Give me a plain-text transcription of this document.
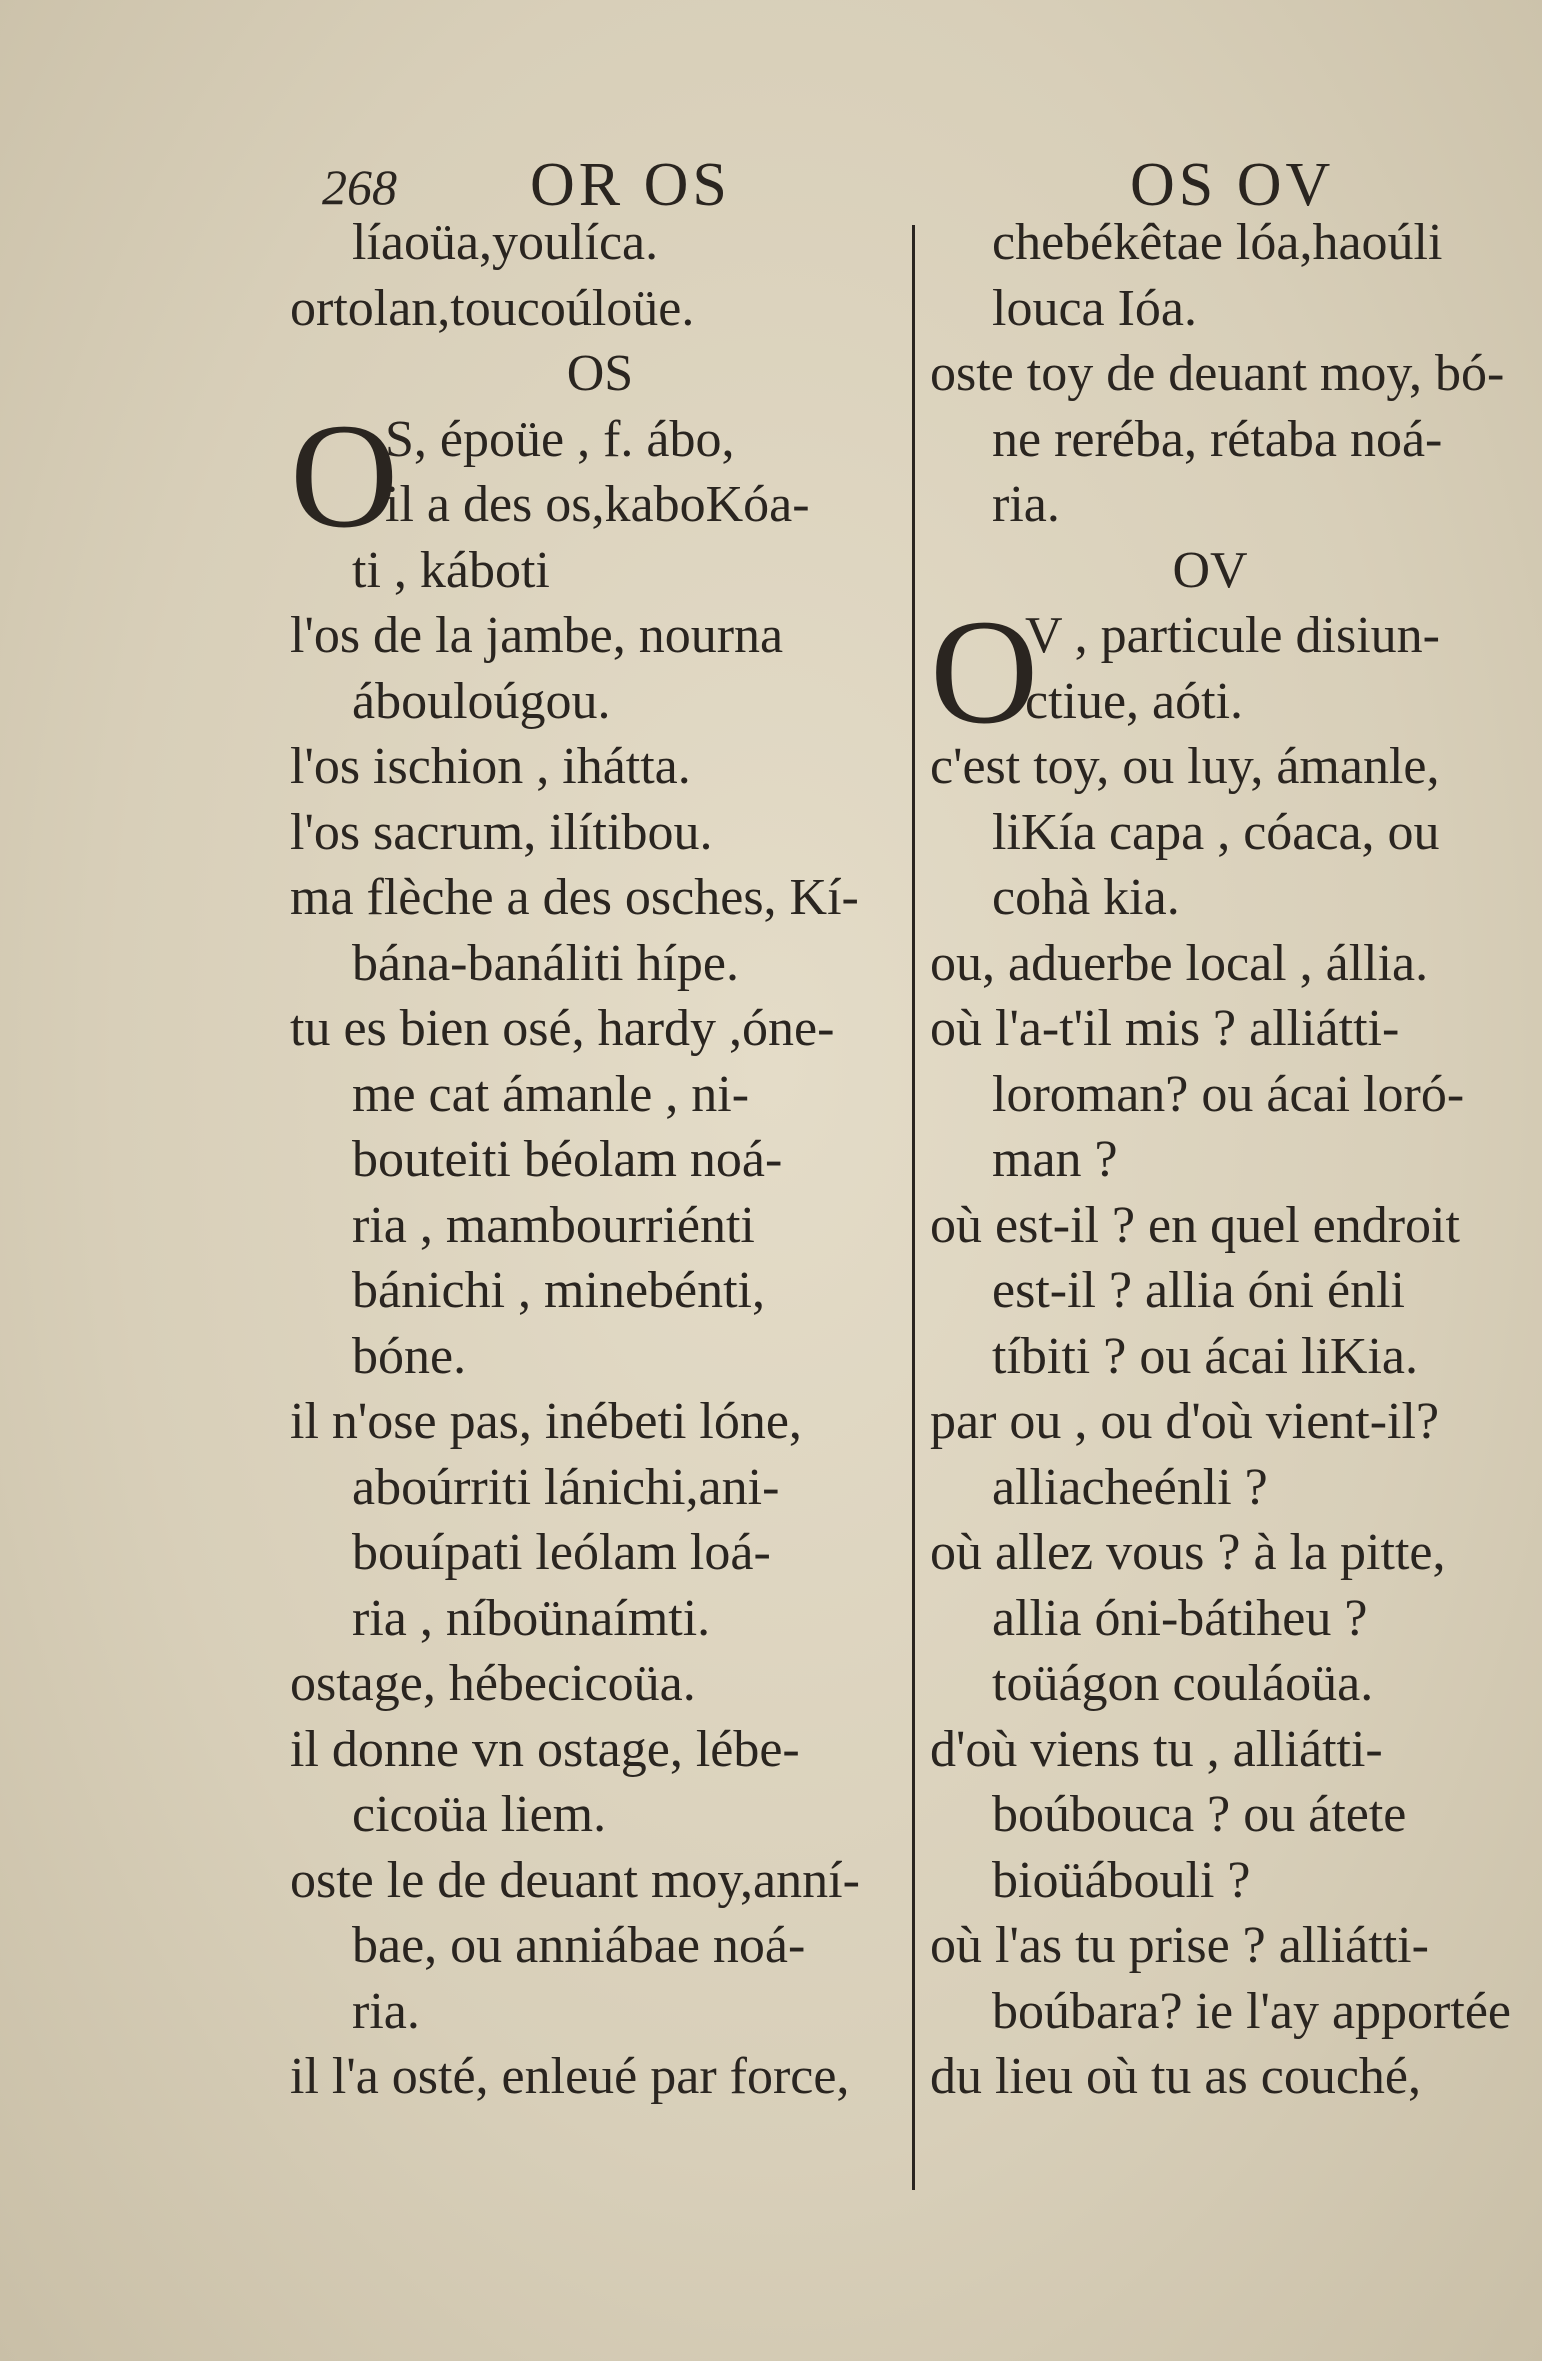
268 OR OS	OS OV
líaoüa,youlíca.
ortolan,toucoúloüe.
OS
O
S, époüe , f. ábo,
il a des os,kaboKóa-
ti , káboti
l'os de la jambe, nourna
ábouloúgou.
l'os ischion , ihátta.
l'os sacrum, ilítibou.
ma flèche a des osches, Kí-
bána-banáliti hípe.
tu es bien osé, hardy ,óne-
me cat ámanle , ni-
bouteiti béolam noá-
ria , mambourriénti
bánichi , minebénti,
bóne.
il n'ose pas, inébeti lóne,
aboúrriti lánichi,ani-
bouípati leólam loá-
ria , níboünaímti.
ostage, hébecicoüa.
il donne vn ostage, lébe-
cicoüa liem.
oste le de deuant moy,anní-
bae, ou anniábae noá-
ria.
il l'a osté, enleué par force,
chebékêtae lóa,haoúli
louca Ióa.
oste toy de deuant moy, bó-
ne reréba, rétaba noá-
ria.
OV
O
V , particule disiun-
ctiue, aóti.
c'est toy, ou luy, ámanle,
liKía capa , cóaca, ou
cohà kia.
ou, aduerbe local , állia.
où l'a-t'il mis ? alliátti-
loroman? ou ácai loró-
man ?
où est-il ? en quel endroit
est-il ? allia óni énli
tíbiti ? ou ácai liKia.
par ou , ou d'où vient-il?
alliacheénli ?
où allez vous ? à la pitte,
allia óni-bátiheu ?
toüágon couláoüa.
d'où viens tu , alliátti-
boúbouca ? ou átete
bioüábouli ?
où l'as tu prise ? alliátti-
boúbara? ie l'ay apportée
du lieu où tu as couché,
